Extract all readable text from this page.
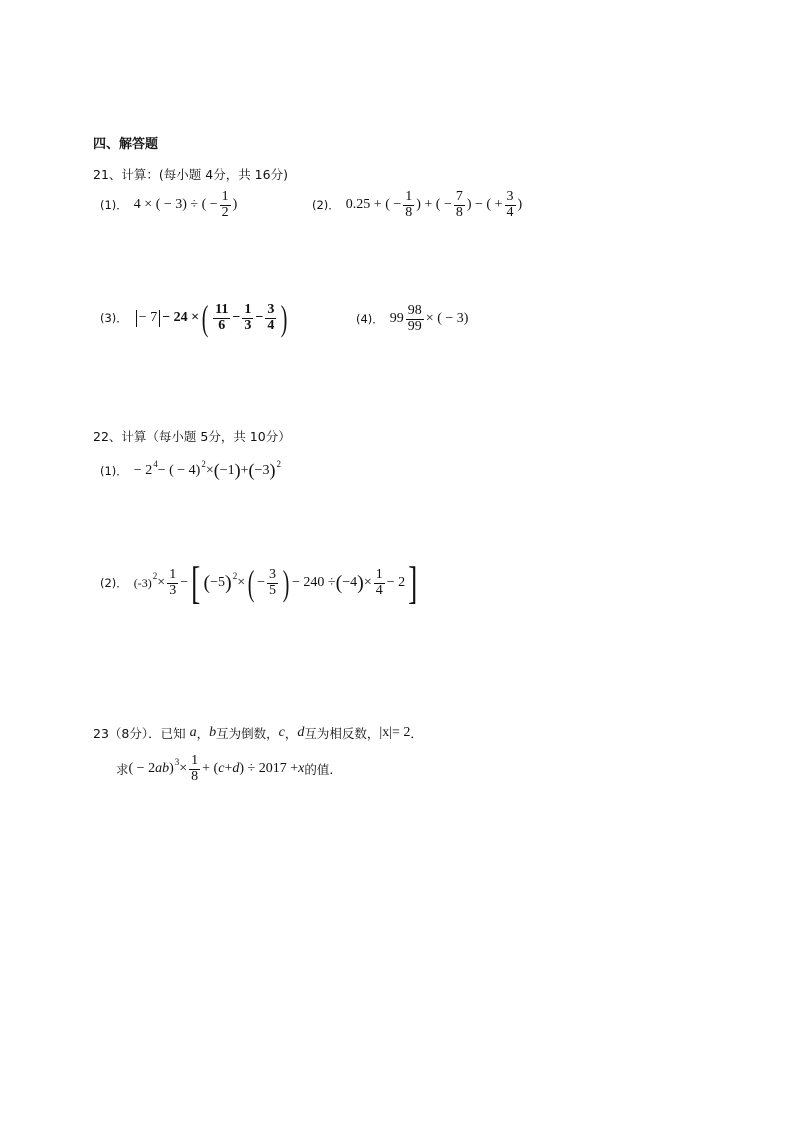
四、解答题
21、计算：(每小题 4分，共 16分)
(1)． 4 × ( − 3) ÷ ( − $\frac{1}{2}$ )	(2)． 0.25 + ( − $\frac{1}{8}$ ) + ( − $\frac{7}{8}$ ) − ( + $\frac{3}{4}$ )
(3)． − 7 − 24 × ( $\frac{11}{6} - \frac{1}{3} - \frac{3}{4}$ )	(4)． $99 \frac{98}{99}$ × ( − 3)
22、计算（每小题 5分，共 10分）
(1)． − 2 4 − ( − 4) 2 × ( −1 ) + ( −3 ) 2
(2)． (-3) $2 \times \frac{1}{3}$ − [ ( −5 ) 2 × ( − $\frac{3}{5}$ ) − 240 ÷ ( −4 ) × $\frac{1}{4} - 2$ ]
23（8分）．已知 a ， b 互为倒数， c ， d 互为相反数， |x|= 2 ．
求 ( − 2 ab ) $3 \times \frac{1}{8}$ + ( c + d ) ÷ 2017 + x 的值.
